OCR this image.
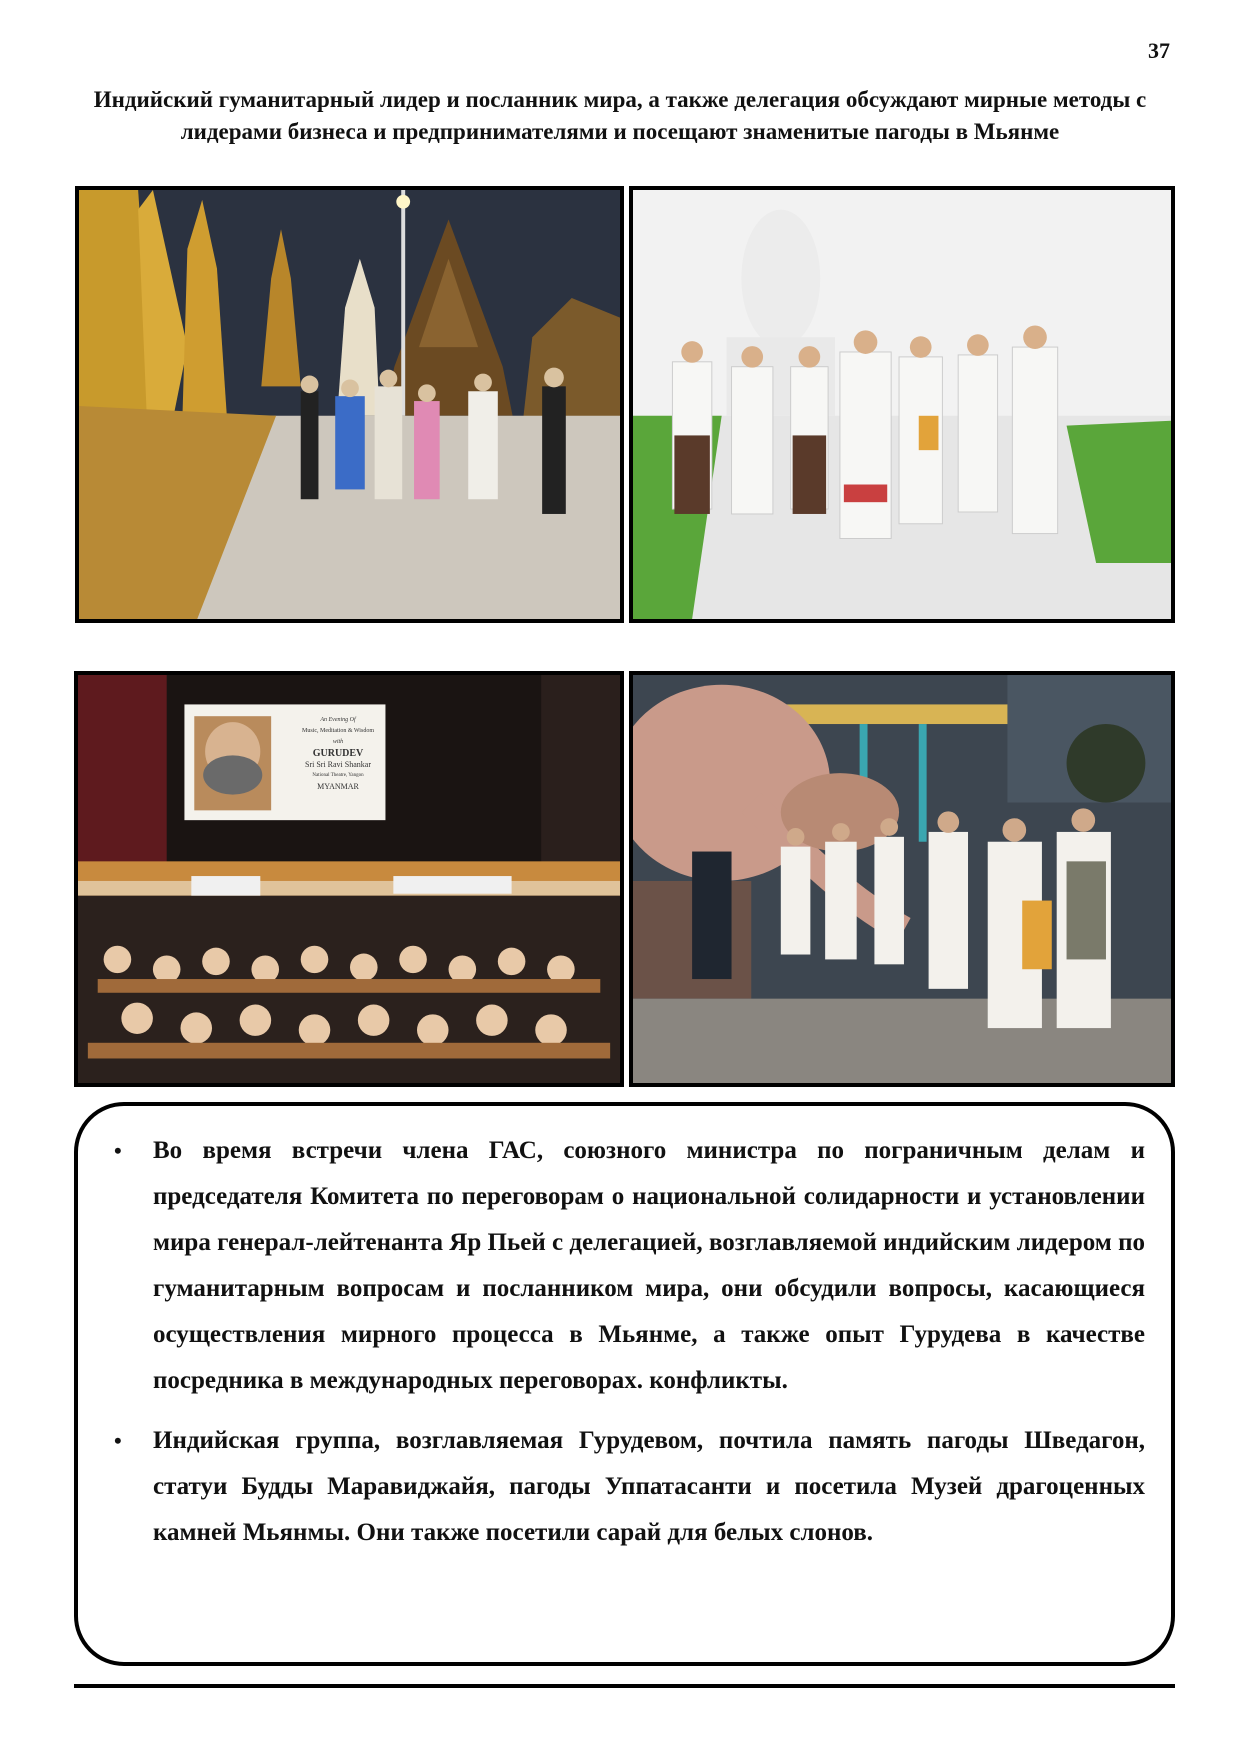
37
Индийский гуманитарный лидер и посланник мира, а также делегация обсуждают мирные методы с лидерами бизнеса и предпринимателями и посещают знаменитые пагоды в Мьянме
An Evening Of
Music, Meditation & Wisdom
with
GURUDEV
Sri Sri Ravi Shankar
National Theatre, Yangon
MYANMAR
• Во время встречи члена ГАС, союзного министра по пограничным делам и председателя Комитета по переговорам о национальной солидарности и установлении мира генерал-лейтенанта Яр Пьей с делегацией, возглавляемой индийским лидером по гуманитарным вопросам и посланником мира, они обсудили вопросы, касающиеся осуществления мирного процесса в Мьянме, а также опыт Гурудева в качестве посредника в международных переговорах. конфликты.
• Индийская группа, возглавляемая Гурудевом, почтила память пагоды Шведагон, статуи Будды Маравиджайя, пагоды Уппатасанти и посетила Музей драгоценных камней Мьянмы. Они также посетили сарай для белых слонов.
